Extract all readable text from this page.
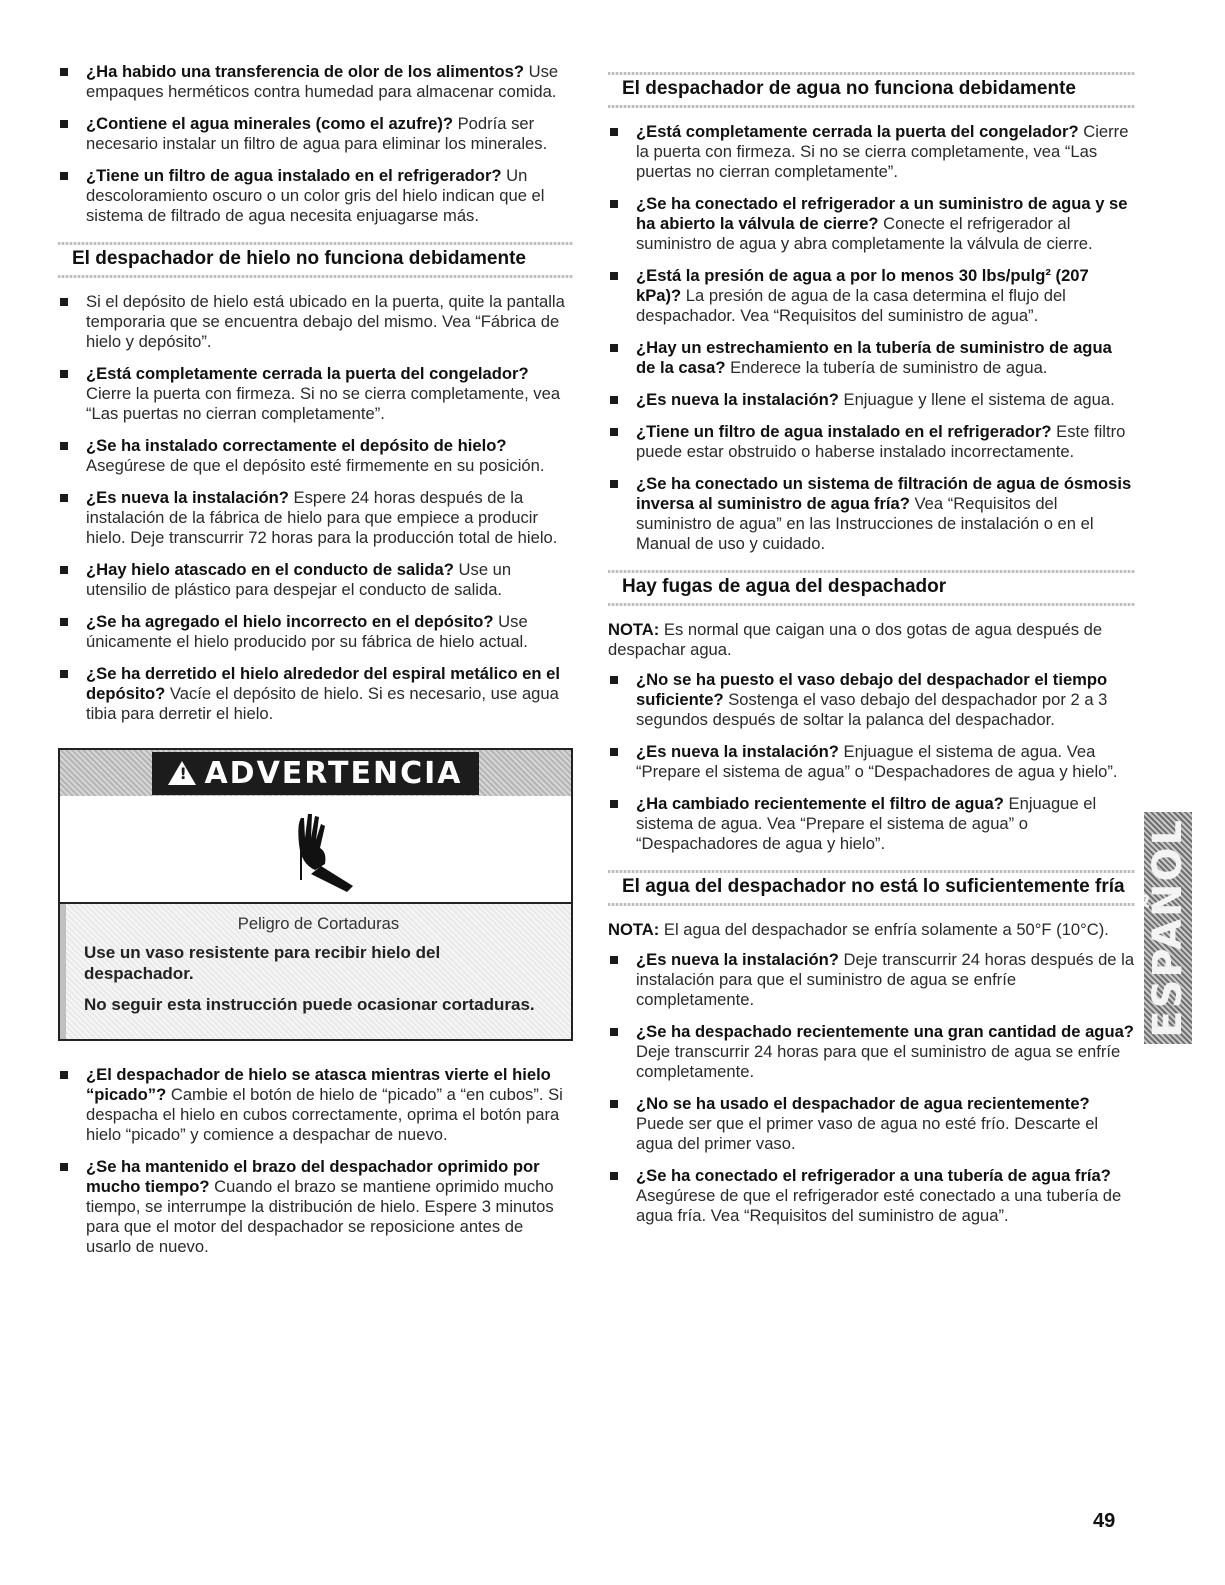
¿Ha habido una transferencia de olor de los alimentos? Use empaques herméticos contra humedad para almacenar comida.
¿Contiene el agua minerales (como el azufre)? Podría ser necesario instalar un filtro de agua para eliminar los minerales.
¿Tiene un filtro de agua instalado en el refrigerador? Un descoloramiento oscuro o un color gris del hielo indican que el sistema de filtrado de agua necesita enjuagarse más.
El despachador de hielo no funciona debidamente
Si el depósito de hielo está ubicado en la puerta, quite la pantalla temporaria que se encuentra debajo del mismo. Vea “Fábrica de hielo y depósito”.
¿Está completamente cerrada la puerta del congelador? Cierre la puerta con firmeza. Si no se cierra completamente, vea “Las puertas no cierran completamente”.
¿Se ha instalado correctamente el depósito de hielo? Asegúrese de que el depósito esté firmemente en su posición.
¿Es nueva la instalación? Espere 24 horas después de la instalación de la fábrica de hielo para que empiece a producir hielo. Deje transcurrir 72 horas para la producción total de hielo.
¿Hay hielo atascado en el conducto de salida? Use un utensilio de plástico para despejar el conducto de salida.
¿Se ha agregado el hielo incorrecto en el depósito? Use únicamente el hielo producido por su fábrica de hielo actual.
¿Se ha derretido el hielo alrededor del espiral metálico en el depósito? Vacíe el depósito de hielo. Si es necesario, use agua tibia para derretir el hielo.
!
ADVERTENCIA
Peligro de Cortaduras

Use un vaso resistente para recibir hielo del despachador.

No seguir esta instrucción puede ocasionar cortaduras.

¿El despachador de hielo se atasca mientras vierte el hielo “picado”? Cambie el botón de hielo de “picado” a “en cubos”. Si despacha el hielo en cubos correctamente, oprima el botón para hielo “picado” y comience a despachar de nuevo.
¿Se ha mantenido el brazo del despachador oprimido por mucho tiempo? Cuando el brazo se mantiene oprimido mucho tiempo, se interrumpe la distribución de hielo. Espere 3 minutos para que el motor del despachador se reposicione antes de usarlo de nuevo.
El despachador de agua no funciona debidamente
¿Está completamente cerrada la puerta del congelador? Cierre la puerta con firmeza. Si no se cierra completamente, vea “Las puertas no cierran completamente”.
¿Se ha conectado el refrigerador a un suministro de agua y se ha abierto la válvula de cierre? Conecte el refrigerador al suministro de agua y abra completamente la válvula de cierre.
¿Está la presión de agua a por lo menos 30 lbs/pulg² (207 kPa)? La presión de agua de la casa determina el flujo del despachador. Vea “Requisitos del suministro de agua”.
¿Hay un estrechamiento en la tubería de suministro de agua de la casa? Enderece la tubería de suministro de agua.
¿Es nueva la instalación? Enjuague y llene el sistema de agua.
¿Tiene un filtro de agua instalado en el refrigerador? Este filtro puede estar obstruido o haberse instalado incorrectamente.
¿Se ha conectado un sistema de filtración de agua de ósmosis inversa al suministro de agua fría? Vea “Requisitos del suministro de agua” en las Instrucciones de instalación o en el Manual de uso y cuidado.
Hay fugas de agua del despachador

NOTA: Es normal que caigan una o dos gotas de agua después de despachar agua.

¿No se ha puesto el vaso debajo del despachador el tiempo suficiente? Sostenga el vaso debajo del despachador por 2 a 3 segundos después de soltar la palanca del despachador.
¿Es nueva la instalación? Enjuague el sistema de agua. Vea “Prepare el sistema de agua” o “Despachadores de agua y hielo”.
¿Ha cambiado recientemente el filtro de agua? Enjuague el sistema de agua. Vea “Prepare el sistema de agua” o “Despachadores de agua y hielo”.
El agua del despachador no está lo suficientemente fría

NOTA: El agua del despachador se enfría solamente a 50°F (10°C).

¿Es nueva la instalación? Deje transcurrir 24 horas después de la instalación para que el suministro de agua se enfríe completamente.
¿Se ha despachado recientemente una gran cantidad de agua? Deje transcurrir 24 horas para que el suministro de agua se enfríe completamente.
¿No se ha usado el despachador de agua recientemente? Puede ser que el primer vaso de agua no esté frío. Descarte el agua del primer vaso.
¿Se ha conectado el refrigerador a una tubería de agua fría? Asegúrese de que el refrigerador esté conectado a una tubería de agua fría. Vea “Requisitos del suministro de agua”.
ESPAÑOL
49
